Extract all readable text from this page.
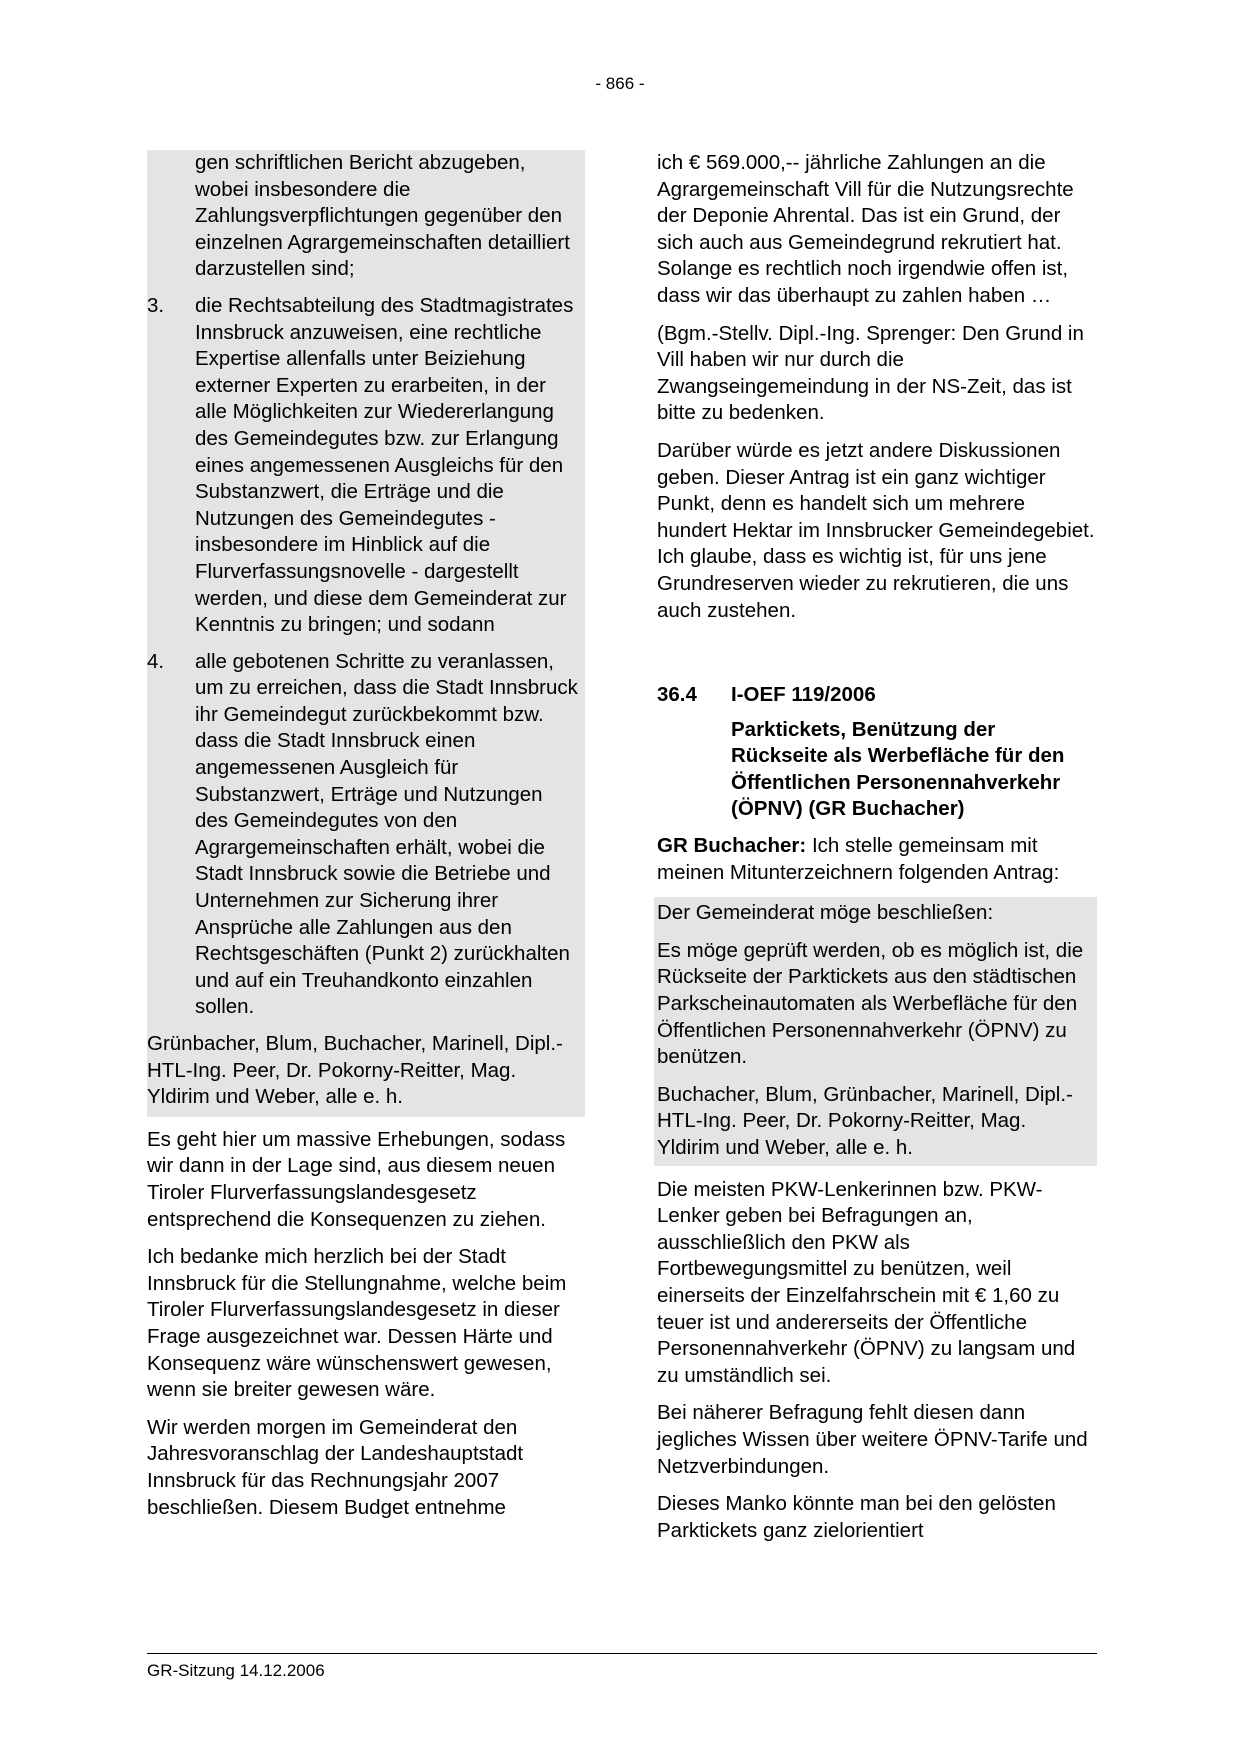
- 866 -
gen schriftlichen Bericht abzugeben, wobei insbesondere die Zahlungsverpflichtungen gegenüber den einzelnen Agrargemeinschaften detailliert darzustellen sind;
3. die Rechtsabteilung des Stadtmagistrates Innsbruck anzuweisen, eine rechtliche Expertise allenfalls unter Beiziehung externer Experten zu erarbeiten, in der alle Möglichkeiten zur Wiedererlangung des Gemeindegutes bzw. zur Erlangung eines angemessenen Ausgleichs für den Substanzwert, die Erträge und die Nutzungen des Gemeindegutes - insbesondere im Hinblick auf die Flurverfassungsnovelle - dargestellt werden, und diese dem Gemeinderat zur Kenntnis zu bringen; und sodann
4. alle gebotenen Schritte zu veranlassen, um zu erreichen, dass die Stadt Innsbruck ihr Gemeindegut zurückbekommt bzw. dass die Stadt Innsbruck einen angemessenen Ausgleich für Substanzwert, Erträge und Nutzungen des Gemeindegutes von den Agrargemeinschaften erhält, wobei die Stadt Innsbruck sowie die Betriebe und Unternehmen zur Sicherung ihrer Ansprüche alle Zahlungen aus den Rechtsgeschäften (Punkt 2) zurückhalten und auf ein Treuhandkonto einzahlen sollen.
Grünbacher, Blum, Buchacher, Marinell, Dipl.-HTL-Ing. Peer, Dr. Pokorny-Reitter, Mag. Yldirim und Weber, alle e. h.
Es geht hier um massive Erhebungen, sodass wir dann in der Lage sind, aus diesem neuen Tiroler Flurverfassungslandesgesetz entsprechend die Konsequenzen zu ziehen.
Ich bedanke mich herzlich bei der Stadt Innsbruck für die Stellungnahme, welche beim Tiroler Flurverfassungslandesgesetz in dieser Frage ausgezeichnet war. Dessen Härte und Konsequenz wäre wünschenswert gewesen, wenn sie breiter gewesen wäre.
Wir werden morgen im Gemeinderat den Jahresvoranschlag der Landeshauptstadt Innsbruck für das Rechnungsjahr 2007 beschließen. Diesem Budget entnehme
ich € 569.000,-- jährliche Zahlungen an die Agrargemeinschaft Vill für die Nutzungsrechte der Deponie Ahrental. Das ist ein Grund, der sich auch aus Gemeindegrund rekrutiert hat. Solange es rechtlich noch irgendwie offen ist, dass wir das überhaupt zu zahlen haben …
(Bgm.-Stellv. Dipl.-Ing. Sprenger: Den Grund in Vill haben wir nur durch die Zwangseingemeindung in der NS-Zeit, das ist bitte zu bedenken.
Darüber würde es jetzt andere Diskussionen geben. Dieser Antrag ist ein ganz wichtiger Punkt, denn es handelt sich um mehrere hundert Hektar im Innsbrucker Gemeindegebiet. Ich glaube, dass es wichtig ist, für uns jene Grundreserven wieder zu rekrutieren, die uns auch zustehen.
36.4 I-OEF 119/2006
Parktickets, Benützung der Rückseite als Werbefläche für den Öffentlichen Personennahverkehr (ÖPNV) (GR Buchacher)
GR Buchacher: Ich stelle gemeinsam mit meinen Mitunterzeichnern folgenden Antrag:
Der Gemeinderat möge beschließen:
Es möge geprüft werden, ob es möglich ist, die Rückseite der Parktickets aus den städtischen Parkscheinautomaten als Werbefläche für den Öffentlichen Personennahverkehr (ÖPNV) zu benützen.
Buchacher, Blum, Grünbacher, Marinell, Dipl.-HTL-Ing. Peer, Dr. Pokorny-Reitter, Mag. Yldirim und Weber, alle e. h.
Die meisten PKW-Lenkerinnen bzw. PKW-Lenker geben bei Befragungen an, ausschließlich den PKW als Fortbewegungsmittel zu benützen, weil einerseits der Einzelfahrschein mit € 1,60 zu teuer ist und andererseits der Öffentliche Personennahverkehr (ÖPNV) zu langsam und zu umständlich sei.
Bei näherer Befragung fehlt diesen dann jegliches Wissen über weitere ÖPNV-Tarife und Netzverbindungen.
Dieses Manko könnte man bei den gelösten Parktickets ganz zielorientiert
GR-Sitzung 14.12.2006
